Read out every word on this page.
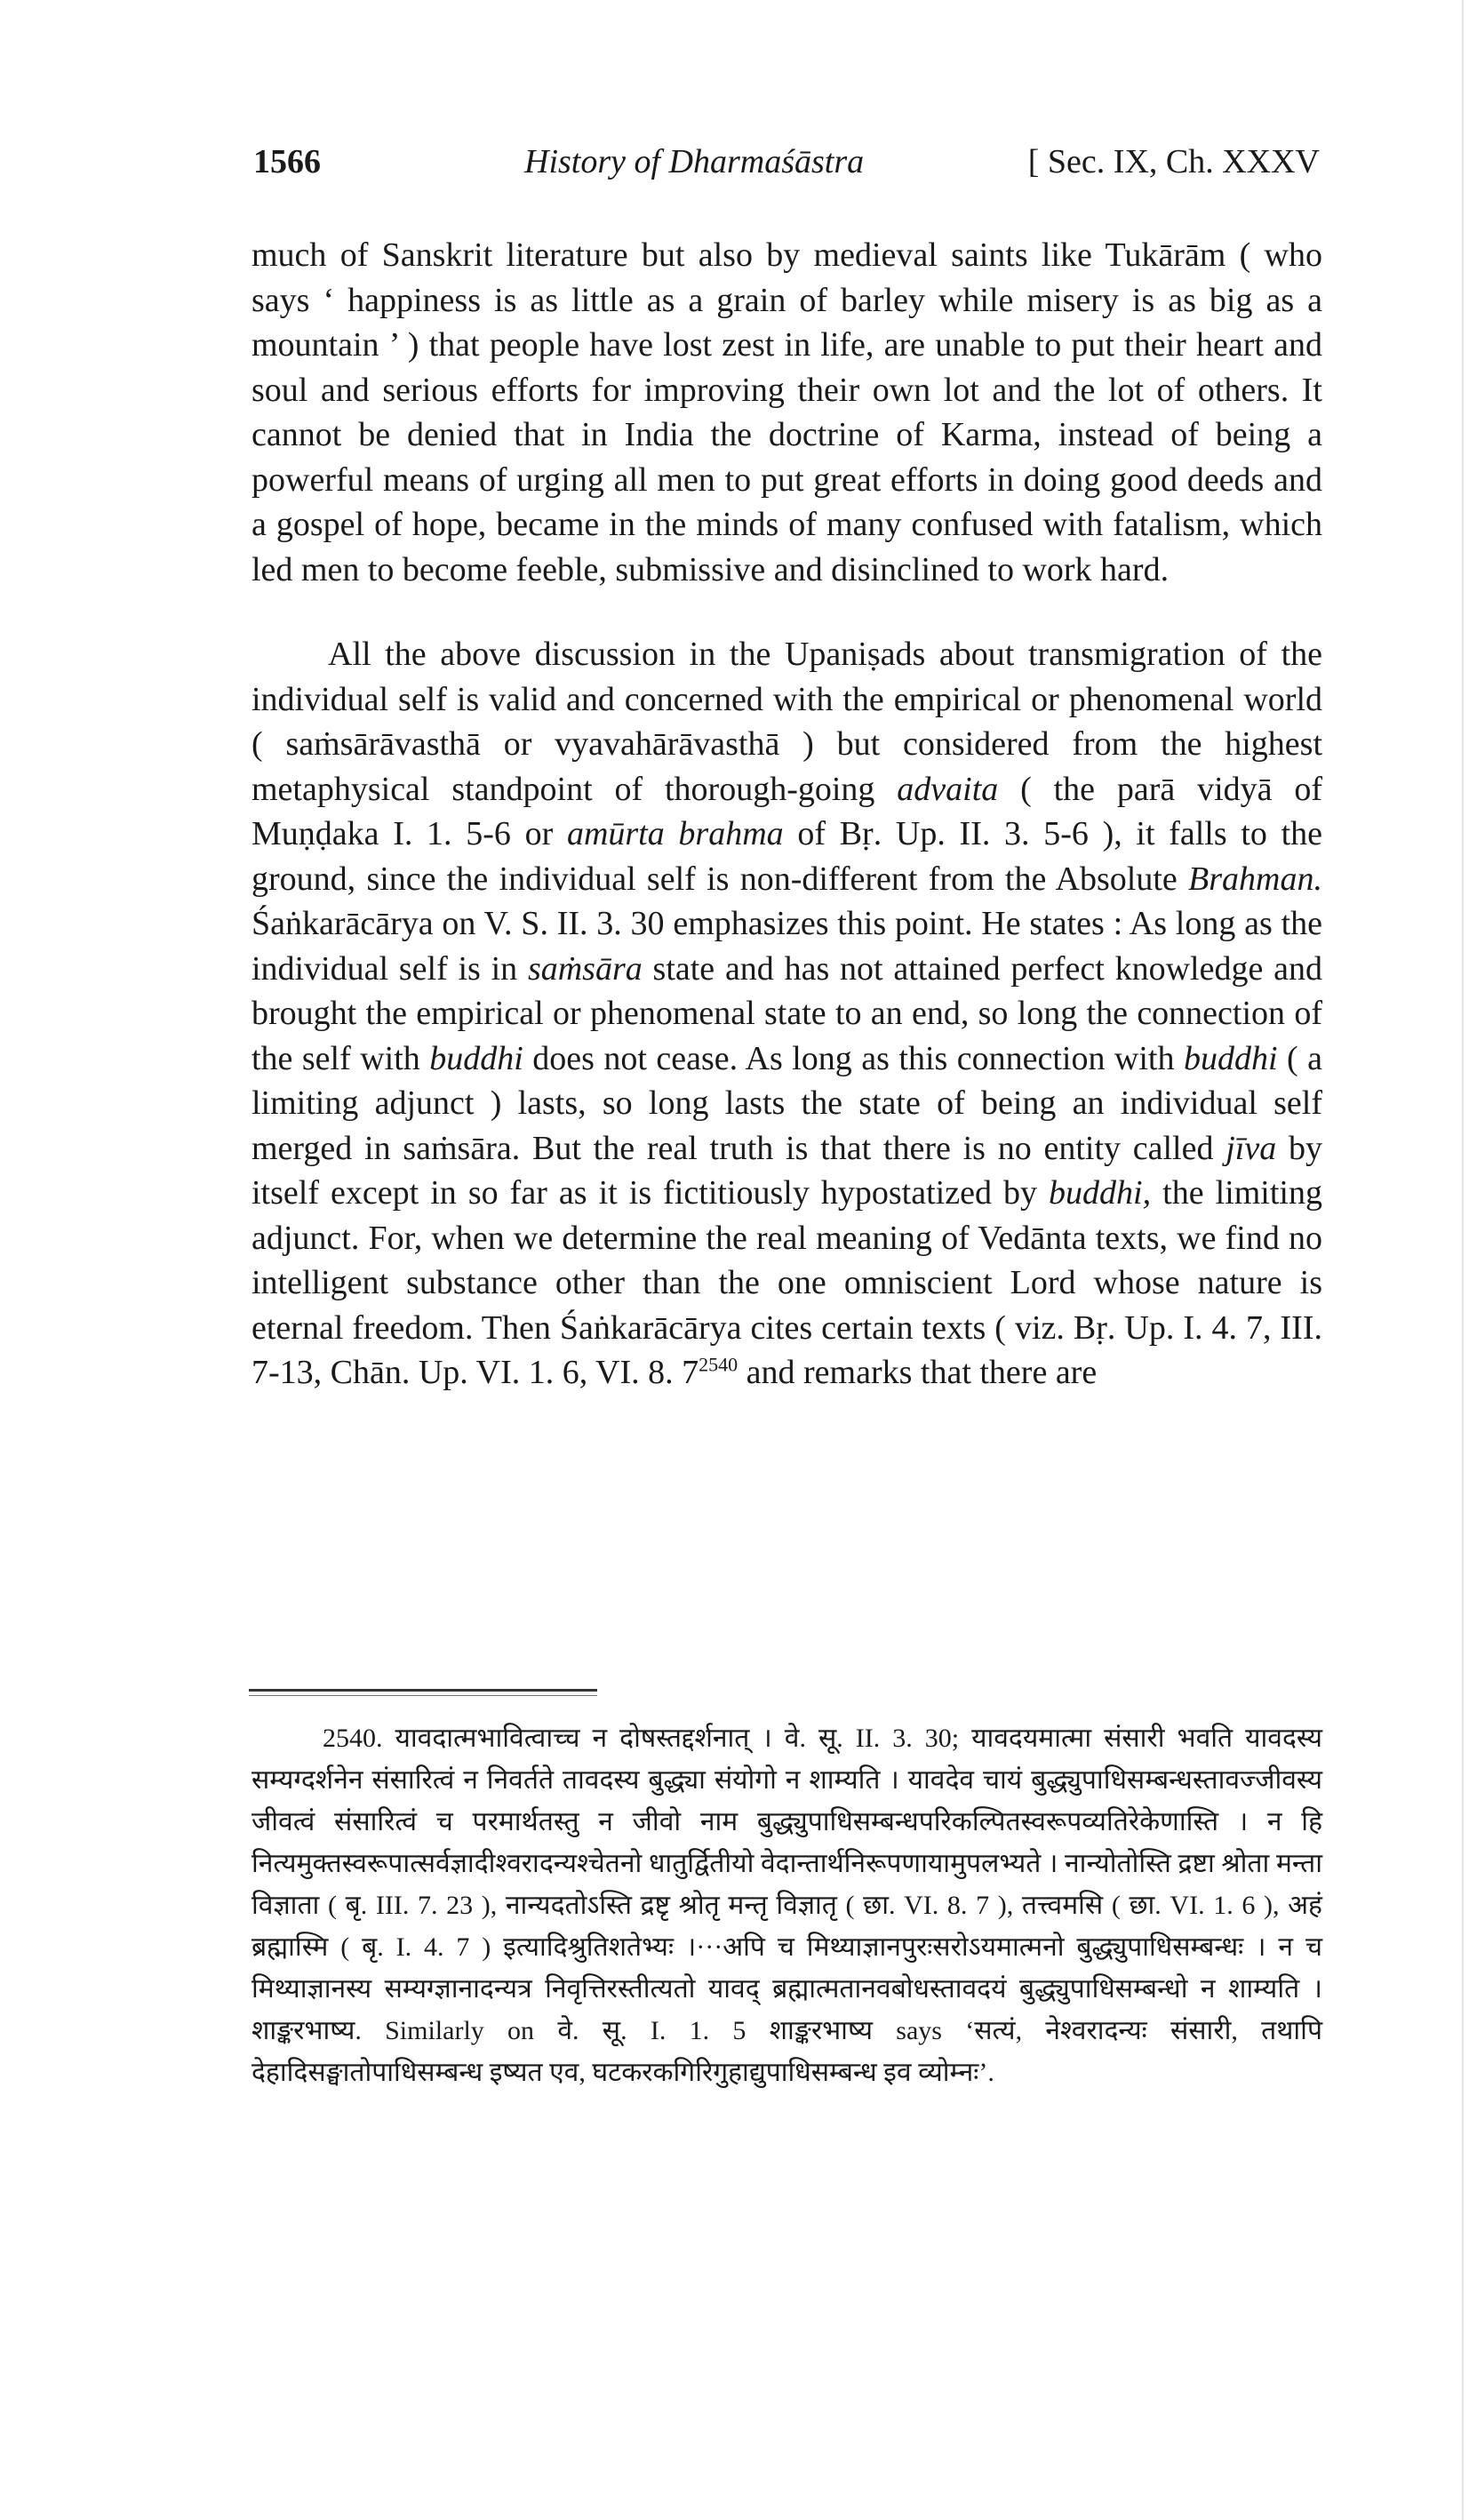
1566	History of Dharmaśāstra	[ Sec. IX, Ch. XXXV

much of Sanskrit literature but also by medieval saints like Tukārām ( who says ‘ happiness is as little as a grain of barley while misery is as big as a mountain ’ ) that people have lost zest in life, are unable to put their heart and soul and serious efforts for improving their own lot and the lot of others. It cannot be denied that in India the doctrine of Karma, instead of being a powerful means of urging all men to put great efforts in doing good deeds and a gospel of hope, became in the minds of many confused with fatalism, which led men to become feeble, submissive and disinclined to work hard.

All the above discussion in the Upaniṣads about transmigration of the individual self is valid and concerned with the empirical or phenomenal world ( saṁsārāvasthā or vyavahārāvasthā ) but considered from the highest metaphysical standpoint of thorough-going advaita ( the parā vidyā of Muṇḍaka I. 1. 5-6 or amūrta brahma of Bṛ. Up. II. 3. 5-6 ), it falls to the ground, since the individual self is non-different from the Absolute Brahman. Śaṅkarācārya on V. S. II. 3. 30 emphasizes this point. He states : As long as the individual self is in saṁsāra state and has not attained perfect knowledge and brought the empirical or phenomenal state to an end, so long the connection of the self with buddhi does not cease. As long as this connection with buddhi ( a limiting adjunct ) lasts, so long lasts the state of being an individual self merged in saṁsāra. But the real truth is that there is no entity called jīva by itself except in so far as it is fictitiously hypostatized by buddhi, the limiting adjunct. For, when we determine the real meaning of Vedānta texts, we find no intelligent substance other than the one omniscient Lord whose nature is eternal freedom. Then Śaṅkarācārya cites certain texts ( viz. Bṛ. Up. I. 4. 7, III. 7-13, Chān. Up. VI. 1. 6, VI. 8. $7^{2540}$ and remarks that there are

2540. यावदात्मभावित्वाच्च न दोषस्तद्दर्शनात् । वे. सू. II. 3. 30; यावदयमात्मा संसारी भवति यावदस्य सम्यग्दर्शनेन संसारित्वं न निवर्तते तावदस्य बुद्ध्या संयोगो न शाम्यति । यावदेव चायं बुद्ध्युपाधिसम्बन्धस्तावज्जीवस्य जीवत्वं संसारित्वं च परमार्थतस्तु न जीवो नाम बुद्ध्युपाधिसम्बन्धपरिकल्पितस्वरूपव्यतिरेकेणास्ति । न हि नित्यमुक्तस्वरूपात्सर्वज्ञादीश्वरादन्यश्चेतनो धातुर्द्वितीयो वेदान्तार्थनिरूपणायामुपलभ्यते । नान्योतोस्ति द्रष्टा श्रोता मन्ता विज्ञाता ( बृ. III. 7. 23 ), नान्यदतोऽस्ति द्रष्टृ श्रोतृ मन्तृ विज्ञातृ ( छा. VI. 8. 7 ), तत्त्वमसि ( छा. VI. 1. 6 ), अहं ब्रह्मास्मि ( बृ. I. 4. 7 ) इत्यादिश्रुतिशतेभ्यः ।···अपि च मिथ्याज्ञानपुरःसरोऽयमात्मनो बुद्ध्युपाधिसम्बन्धः । न च मिथ्याज्ञानस्य सम्यग्ज्ञानादन्यत्र निवृत्तिरस्तीत्यतो यावद् ब्रह्मात्मतानवबोधस्तावदयं बुद्ध्युपाधिसम्बन्धो न शाम्यति । शाङ्करभाष्य. Similarly on वे. सू. I. 1. 5 शाङ्करभाष्य says ‘सत्यं, नेश्वरादन्यः संसारी, तथापि देहादिसङ्घातोपाधिसम्बन्ध इष्यत एव, घटकरकगिरिगुहाद्युपाधिसम्बन्ध इव व्योम्नः’.
